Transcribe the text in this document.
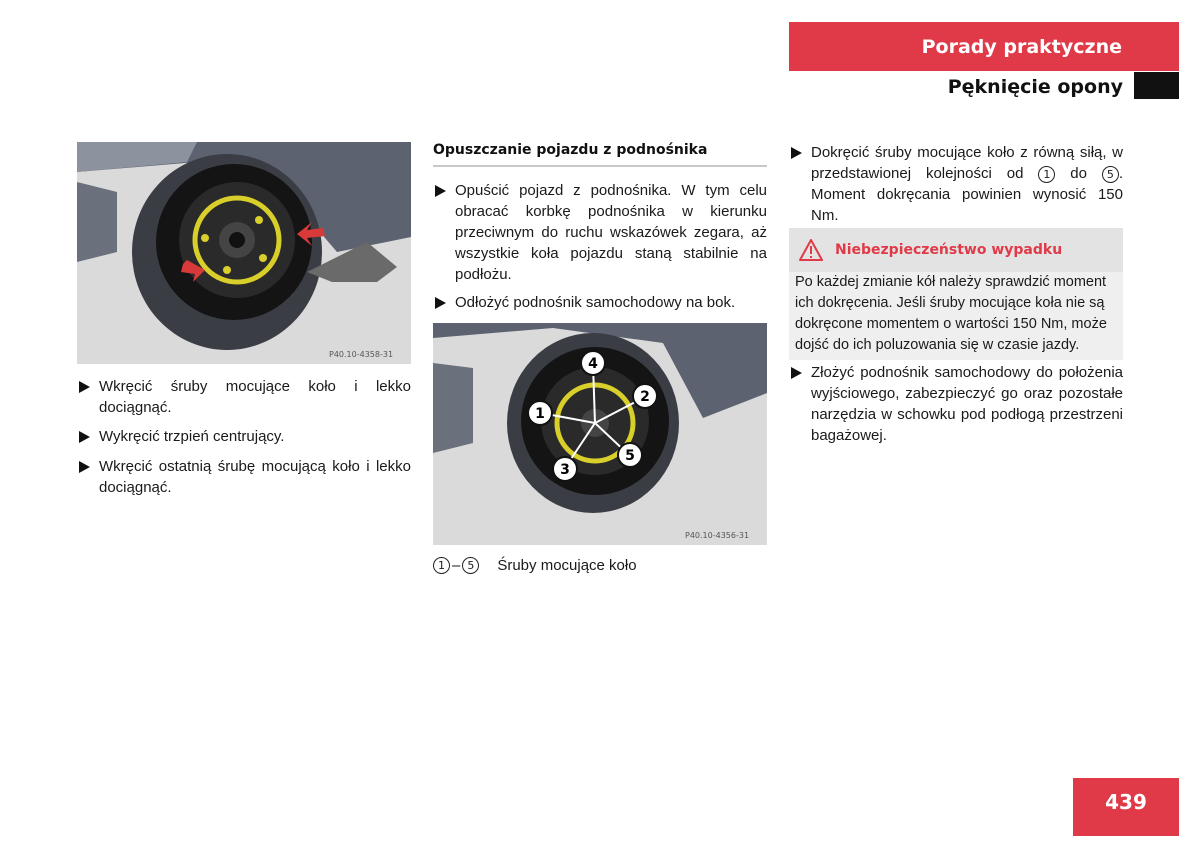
Porady praktyczne
Pęknięcie opony
P40.10-4358-31
Wkręcić śruby mocujące koło i lekko dociągnąć.
Wykręcić trzpień centrujący.
Wkręcić ostatnią śrubę mocującą koło i lekko dociągnąć.
Opuszczanie pojazdu z podnośnika
Opuścić pojazd z podnośnika. W tym celu obracać korbkę podnośnika w kierunku przeciwnym do ruchu wskazówek zegara, aż wszystkie koła pojazdu staną stabilnie na podłożu.
Odłożyć podnośnik samochodowy na bok.
4
2
1
3
5
P40.10-4356-31
1 – 5	Śruby mocujące koło
Dokręcić śruby mocujące koło z równą siłą, w przedstawionej kolejności od 1 do 5 . Moment dokręcania powinien wynosić 150 Nm.
Niebezpieczeństwo wypadku
Po każdej zmianie kół należy sprawdzić moment ich dokręcenia. Jeśli śruby mocujące koła nie są dokręcone momentem o wartości 150 Nm, może dojść do ich poluzowania się w czasie jazdy.
Złożyć podnośnik samochodowy do położenia wyjściowego, zabezpieczyć go oraz pozostałe narzędzia w schowku pod podłogą przestrzeni bagażowej.
439
